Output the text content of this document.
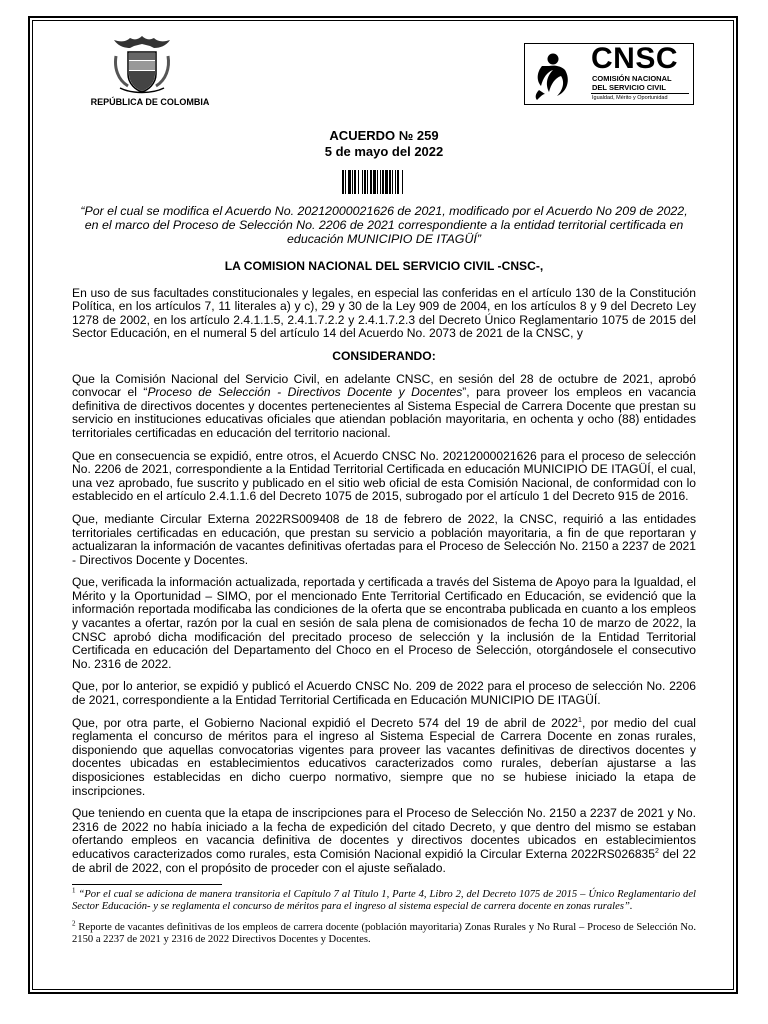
REPÚBLICA DE COLOMBIA
CNSC
COMISIÓN NACIONAL
DEL SERVICIO CIVIL
Igualdad, Mérito y Oportunidad
ACUERDO № 259
5 de mayo del 2022
“Por el cual se modifica el Acuerdo No. 20212000021626 de 2021, modificado por el Acuerdo No 209 de 2022, en el marco del Proceso de Selección No. 2206 de 2021 correspondiente a la entidad territorial certificada en educación MUNICIPIO DE ITAGÜÍ”

LA COMISION NACIONAL DEL SERVICIO CIVIL -CNSC-,

En uso de sus facultades constitucionales y legales, en especial las conferidas en el artículo 130 de la Constitución Política, en los artículos 7, 11 literales a) y c), 29 y 30 de la Ley 909 de 2004, en los artículos 8 y 9 del Decreto Ley 1278 de 2002, en los artículo 2.4.1.1.5, 2.4.1.7.2.2 y 2.4.1.7.2.3 del Decreto Único Reglamentario 1075 de 2015 del Sector Educación, en el numeral 5 del artículo 14 del Acuerdo No. 2073 de 2021 de la CNSC, y

CONSIDERANDO:

Que la Comisión Nacional del Servicio Civil, en adelante CNSC, en sesión del 28 de octubre de 2021, aprobó convocar el “Proceso de Selección - Directivos Docente y Docentes”, para proveer los empleos en vacancia definitiva de directivos docentes y docentes pertenecientes al Sistema Especial de Carrera Docente que prestan su servicio en instituciones educativas oficiales que atiendan población mayoritaria, en ochenta y ocho (88) entidades territoriales certificadas en educación del territorio nacional.

Que en consecuencia se expidió, entre otros, el Acuerdo CNSC No. 20212000021626 para el proceso de selección No. 2206 de 2021, correspondiente a la Entidad Territorial Certificada en educación MUNICIPIO DE ITAGÜÍ, el cual, una vez aprobado, fue suscrito y publicado en el sitio web oficial de esta Comisión Nacional, de conformidad con lo establecido en el artículo 2.4.1.1.6 del Decreto 1075 de 2015, subrogado por el artículo 1 del Decreto 915 de 2016.

Que, mediante Circular Externa 2022RS009408 de 18 de febrero de 2022, la CNSC, requirió a las entidades territoriales certificadas en educación, que prestan su servicio a población mayoritaria, a fin de que reportaran y actualizaran la información de vacantes definitivas ofertadas para el Proceso de Selección No. 2150 a 2237 de 2021 - Directivos Docente y Docentes.

Que, verificada la información actualizada, reportada y certificada a través del Sistema de Apoyo para la Igualdad, el Mérito y la Oportunidad – SIMO, por el mencionado Ente Territorial Certificado en Educación, se evidenció que la información reportada modificaba las condiciones de la oferta que se encontraba publicada en cuanto a los empleos y vacantes a ofertar, razón por la cual en sesión de sala plena de comisionados de fecha 10 de marzo de 2022, la CNSC aprobó dicha modificación del precitado proceso de selección y la inclusión de la Entidad Territorial Certificada en educación del Departamento del Choco en el Proceso de Selección, otorgándosele el consecutivo No. 2316 de 2022.

Que, por lo anterior, se expidió y publicó el Acuerdo CNSC No. 209 de 2022 para el proceso de selección No. 2206 de 2021, correspondiente a la Entidad Territorial Certificada en Educación MUNICIPIO DE ITAGÜÍ.

Que, por otra parte, el Gobierno Nacional expidió el Decreto 574 del 19 de abril de 2022$^1$, por medio del cual reglamenta el concurso de méritos para el ingreso al Sistema Especial de Carrera Docente en zonas rurales, disponiendo que aquellas convocatorias vigentes para proveer las vacantes definitivas de directivos docentes y docentes ubicadas en establecimientos educativos caracterizados como rurales, deberían ajustarse a las disposiciones establecidas en dicho cuerpo normativo, siempre que no se hubiese iniciado la etapa de inscripciones.

Que teniendo en cuenta que la etapa de inscripciones para el Proceso de Selección No. 2150 a 2237 de 2021 y No. 2316 de 2022 no había iniciado a la fecha de expedición del citado Decreto, y que dentro del mismo se estaban ofertando empleos en vacancia definitiva de docentes y directivos docentes ubicados en establecimientos educativos caracterizados como rurales, esta Comisión Nacional expidió la Circular Externa 2022RS026835$^2$ del 22 de abril de 2022, con el propósito de proceder con el ajuste señalado.

$^1$ “Por el cual se adiciona de manera transitoria el Capítulo 7 al Título 1, Parte 4, Libro 2, del Decreto 1075 de 2015 – Único Reglamentario del Sector Educación- y se reglamenta el concurso de méritos para el ingreso al sistema especial de carrera docente en zonas rurales”.

$^2$ Reporte de vacantes definitivas de los empleos de carrera docente (población mayoritaria) Zonas Rurales y No Rural – Proceso de Selección No. 2150 a 2237 de 2021 y 2316 de 2022 Directivos Docentes y Docentes.
